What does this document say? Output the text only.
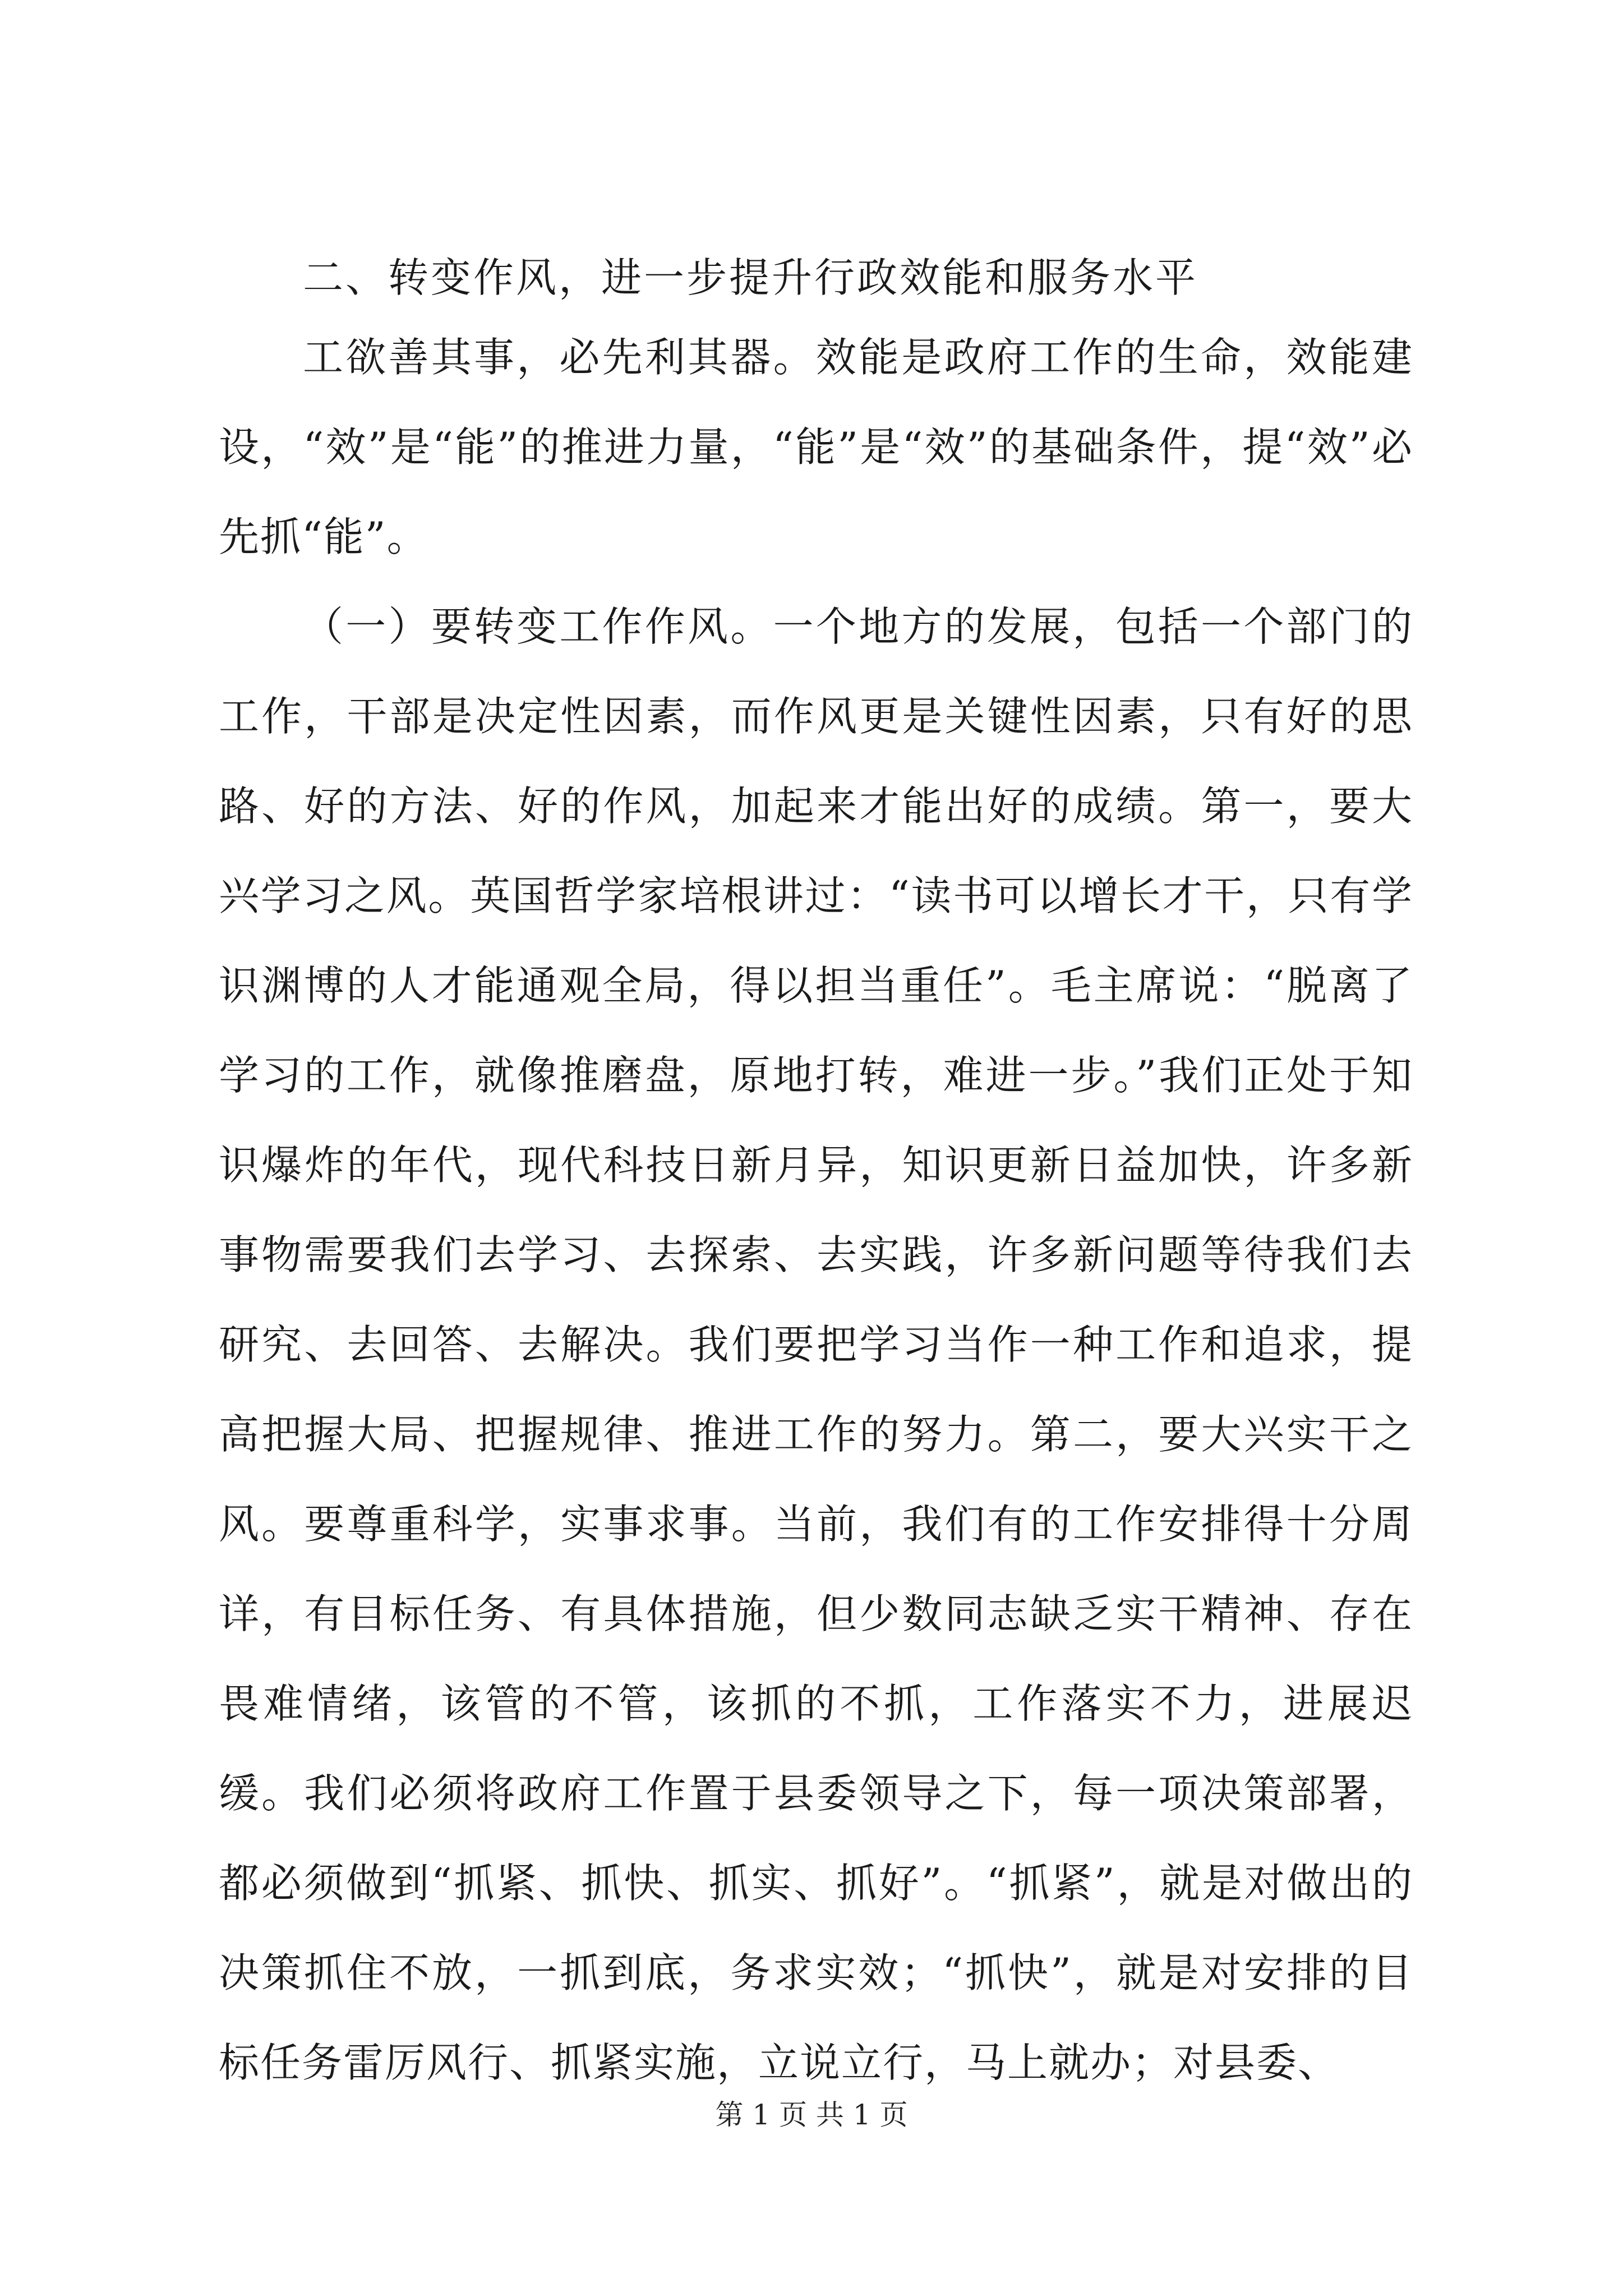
二、转变作风，进一步提升行政效能和服务水平

工欲善其事，必先利其器。效能是政府工作的生命，效能建设，“效”是“能”的推进力量，“能”是“效”的基础条件，提“效”必先抓“能”。

（一）要转变工作作风。一个地方的发展，包括一个部门的工作，干部是决定性因素，而作风更是关键性因素，只有好的思路、好的方法、好的作风，加起来才能出好的成绩。第一，要大兴学习之风。英国哲学家培根讲过：“读书可以增长才干，只有学识渊博的人才能通观全局，得以担当重任”。毛主席说：“脱离了学习的工作，就像推磨盘，原地打转，难进一步。”我们正处于知识爆炸的年代，现代科技日新月异，知识更新日益加快，许多新事物需要我们去学习、去探索、去实践，许多新问题等待我们去研究、去回答、去解决。我们要把学习当作一种工作和追求，提高把握大局、把握规律、推进工作的努力。第二，要大兴实干之风。要尊重科学，实事求事。当前，我们有的工作安排得十分周详，有目标任务、有具体措施，但少数同志缺乏实干精神、存在畏难情绪，该管的不管，该抓的不抓，工作落实不力，进展迟缓。我们必须将政府工作置于县委领导之下，每一项决策部署，都必须做到“抓紧、抓快、抓实、抓好”。“抓紧”，就是对做出的决策抓住不放，一抓到底，务求实效；“抓快”，就是对安排的目标任务雷厉风行、抓紧实施，立说立行，马上就办；对县委、

第 1 页 共 1 页
